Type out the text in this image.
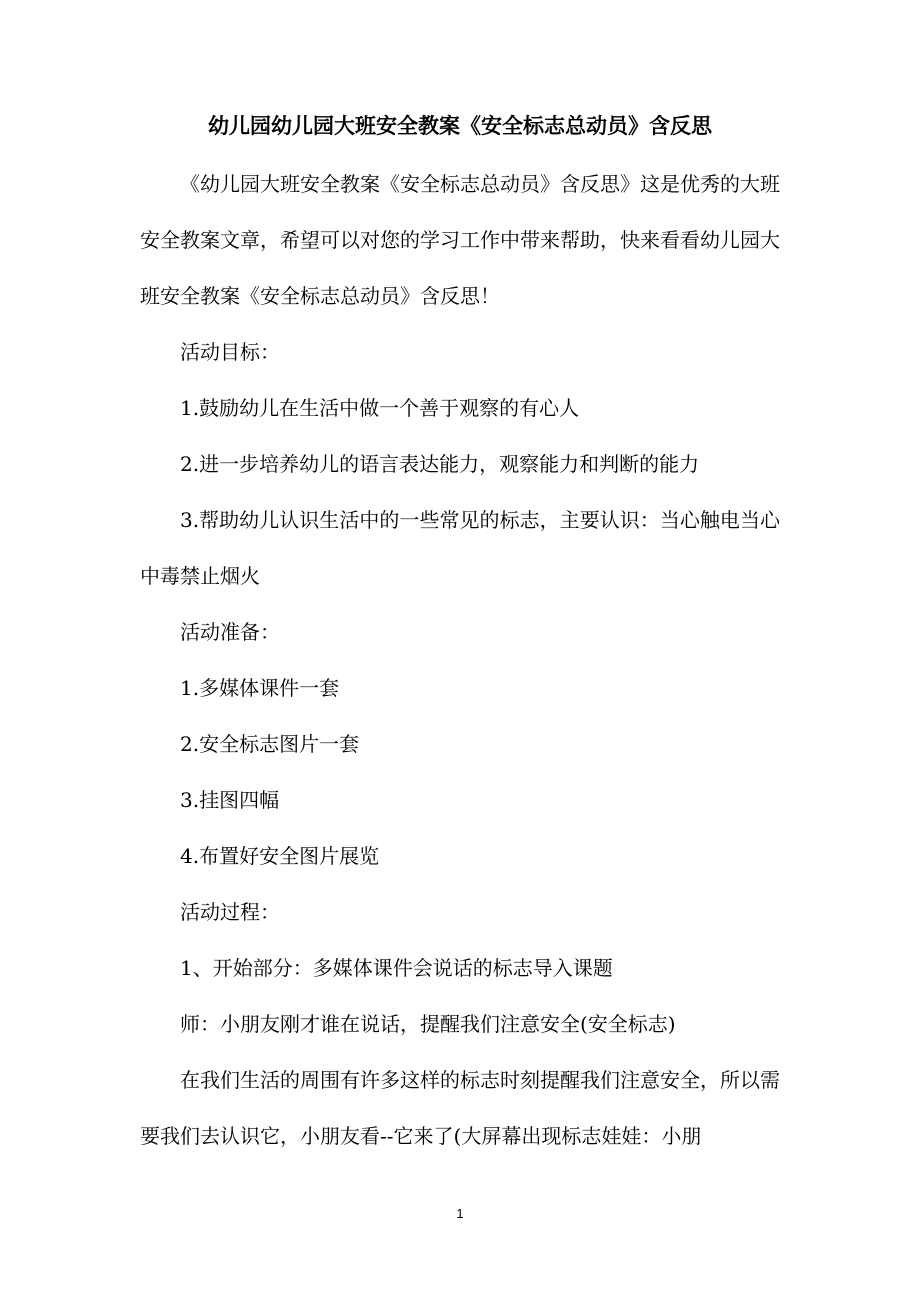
幼儿园幼儿园大班安全教案《安全标志总动员》含反思

《幼儿园大班安全教案《安全标志总动员》含反思》这是优秀的大班安全教案文章，希望可以对您的学习工作中带来帮助，快来看看幼儿园大班安全教案《安全标志总动员》含反思！

活动目标：

1.鼓励幼儿在生活中做一个善于观察的有心人

2.进一步培养幼儿的语言表达能力，观察能力和判断的能力

3.帮助幼儿认识生活中的一些常见的标志，主要认识：当心触电当心中毒禁止烟火

活动准备：

1.多媒体课件一套

2.安全标志图片一套

3.挂图四幅

4.布置好安全图片展览

活动过程：

1、开始部分：多媒体课件会说话的标志导入课题

师：小朋友刚才谁在说话，提醒我们注意安全(安全标志)

在我们生活的周围有许多这样的标志时刻提醒我们注意安全，所以需要我们去认识它，小朋友看--它来了(大屏幕出现标志娃娃：小朋

1
